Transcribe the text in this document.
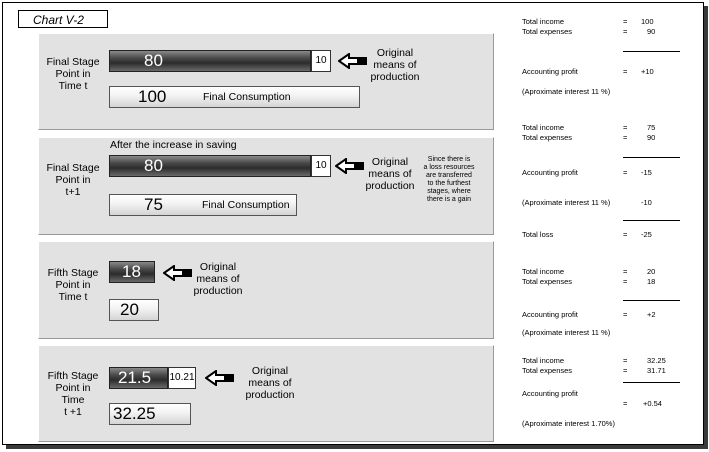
Chart V-2
Final Stage
Point in
Time t
80	10
Original
means of
production
100	Final Consumption
After the increase in saving
Final Stage
Point in
t+1
80	10	Original
means of
production
Since there is
a loss resources
are transferred
to the furthest
stages, where
there is a gain
75	Final Consumption
Fifth Stage
Point in
Time t
18	Original
means of
production
20
Fifth Stage
Point in
Time
t +1
21.5 10.21
Original
means of
production
32.25
Total income	= 100
Total expenses	=	90
Accounting profit	= +10
(Aproximate interest 11 %)
Total income	=	75
Total expenses	=	90
Accounting profit	= -15
(Aproximate interest 11 %)	-10
Total loss	= -25
Total income	=	20
Total expenses	=	18
Accounting profit	=	+2
(Aproximate interest 11 %)
Total income	=	32.25
Total expenses	=	31.71
Accounting profit
= +0.54
(Aproximate interest 1.70%)
